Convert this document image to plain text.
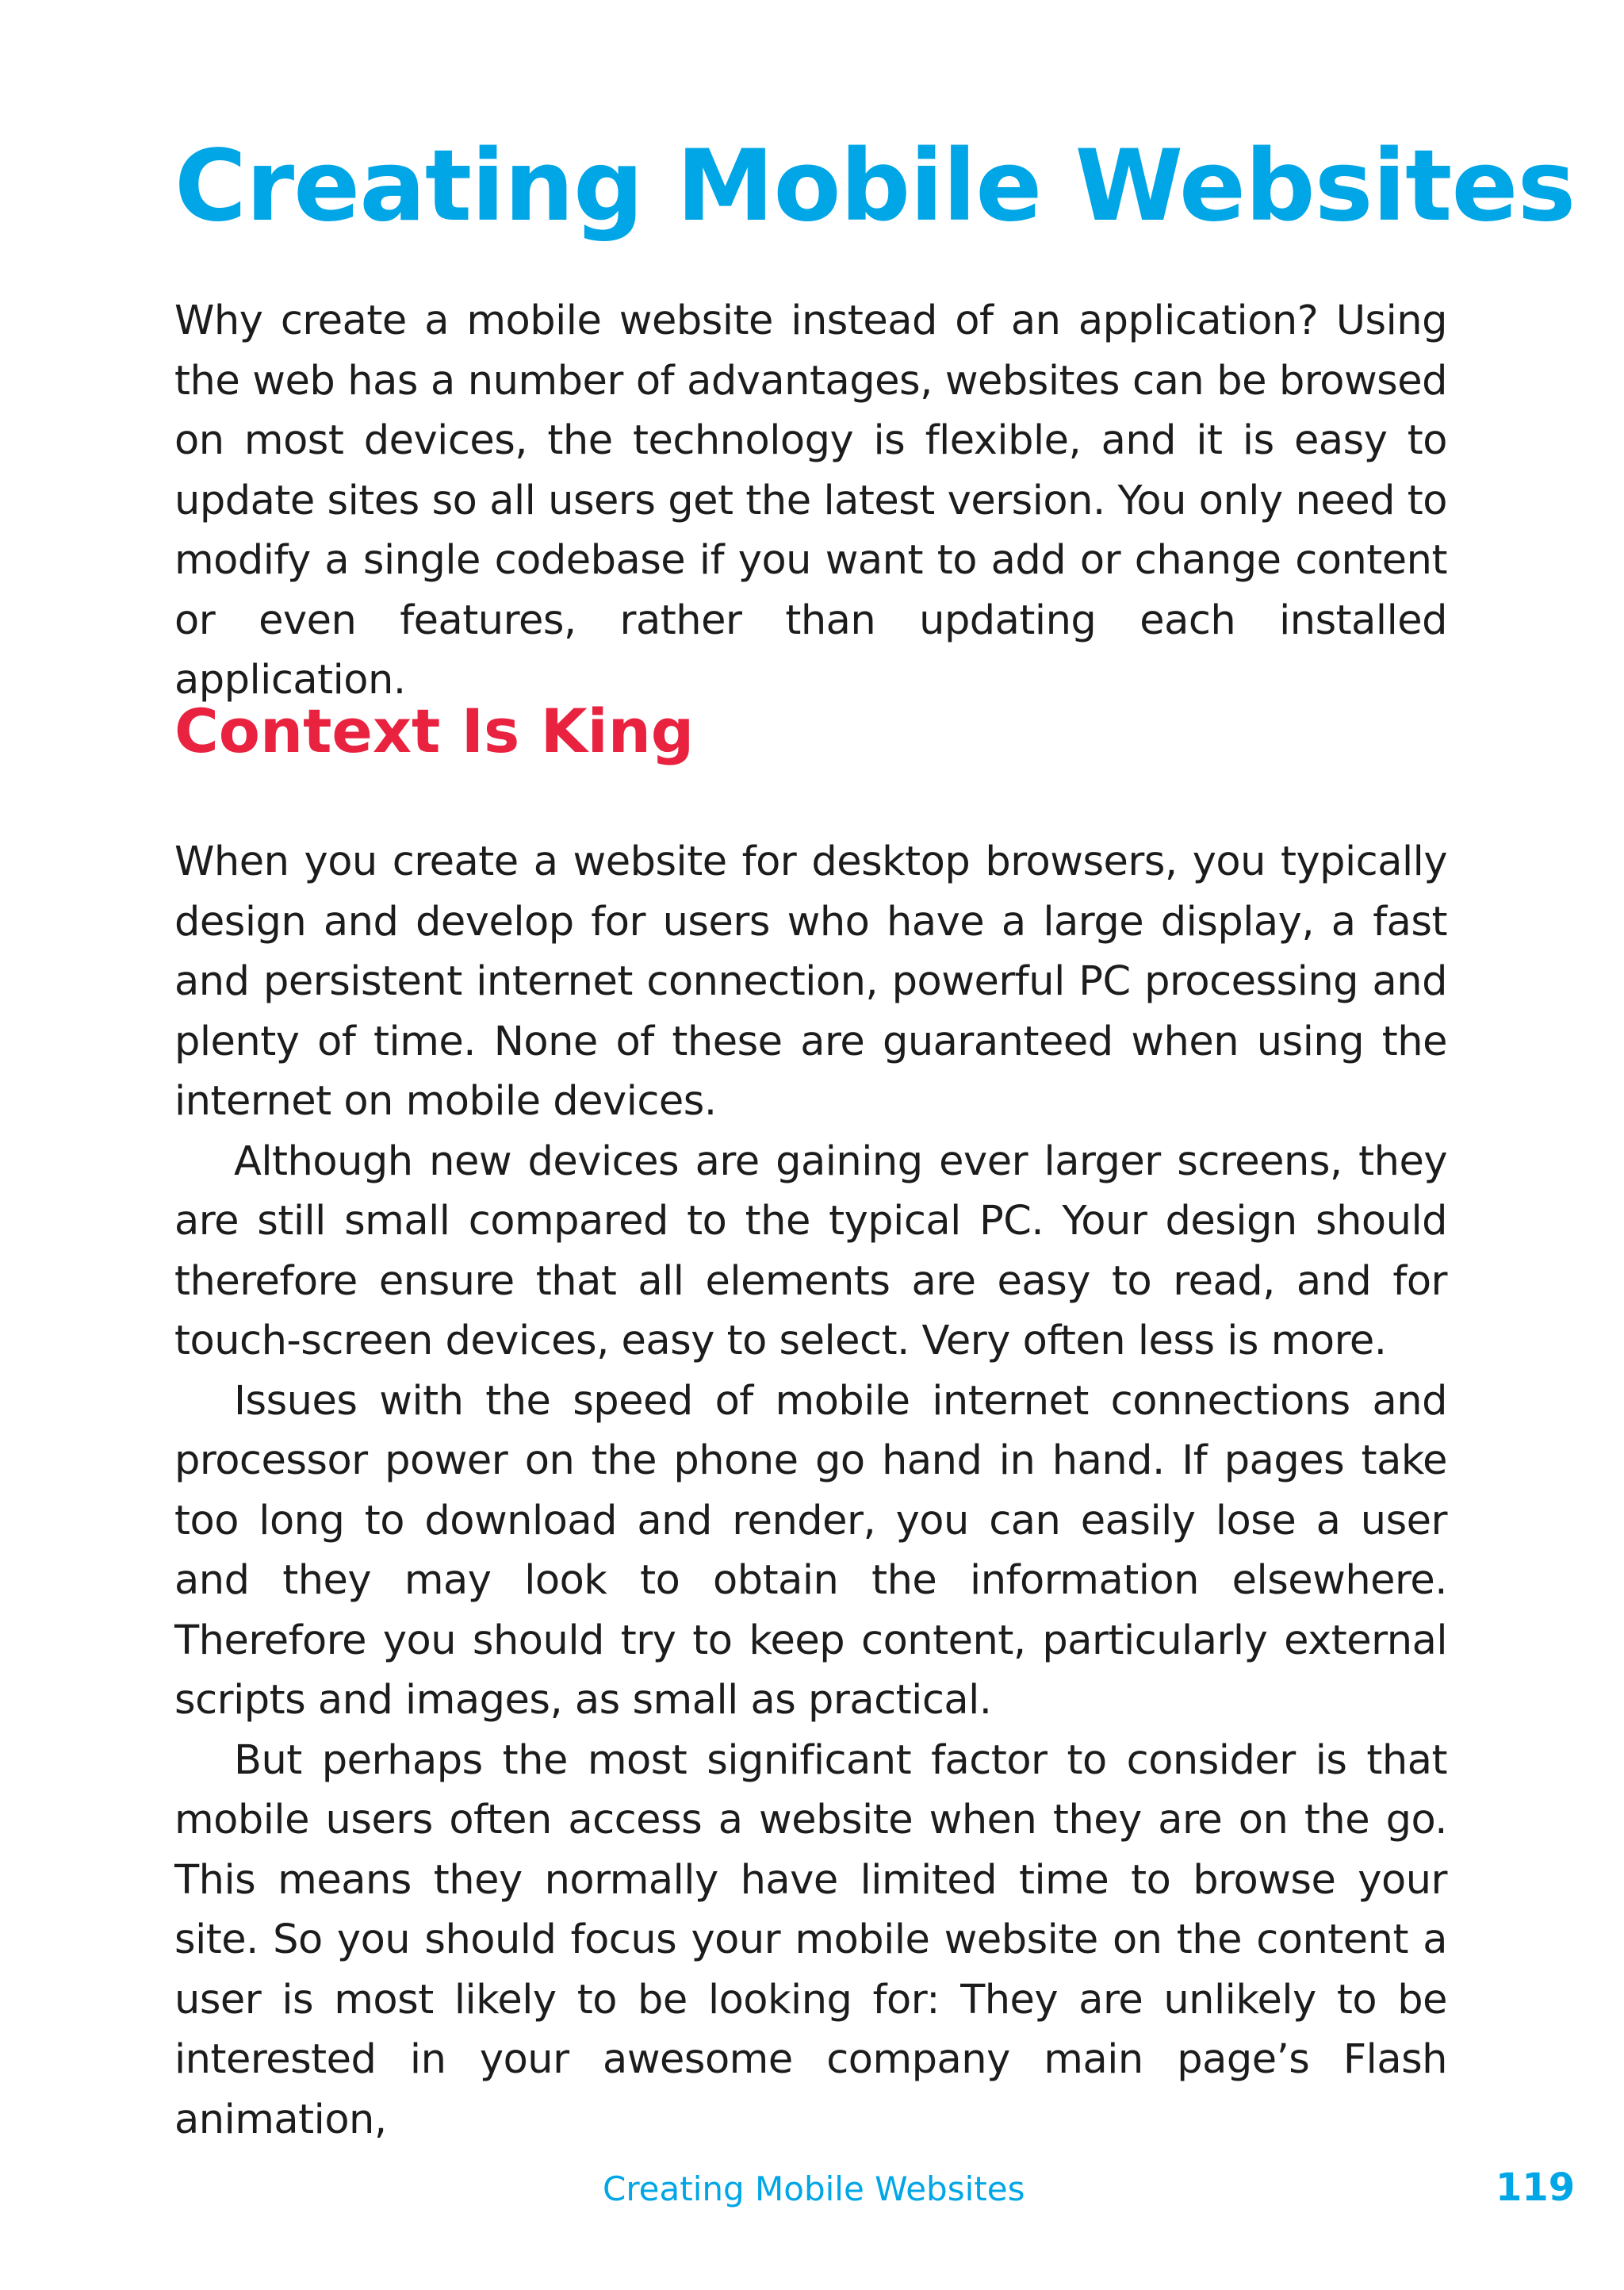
Creating Mobile Websites

Why create a mobile website instead of an application? Using the web has a number of advantages, websites can be browsed on most devices, the technology is flexible, and it is easy to update sites so all users get the latest version. You only need to modify a single codebase if you want to add or change content or even features, rather than updating each installed application.

Context Is King

When you create a website for desktop browsers, you typically design and develop for users who have a large display, a fast and persistent internet connection, powerful PC processing and plenty of time. None of these are guaranteed when using the internet on mobile devices.

Although new devices are gaining ever larger screens, they are still small compared to the typical PC. Your design should therefore ensure that all elements are easy to read, and for touch-screen devices, easy to select. Very often less is more.

Issues with the speed of mobile internet connections and processor power on the phone go hand in hand. If pages take too long to download and render, you can easily lose a user and they may look to obtain the information elsewhere. Therefore you should try to keep content, particularly external scripts and images, as small as practical.

But perhaps the most significant factor to consider is that mobile users often access a website when they are on the go. This means they normally have limited time to browse your site. So you should focus your mobile website on the content a user is most likely to be looking for: They are unlikely to be interested in your awesome company main page’s Flash animation,

Creating Mobile Websites	119
